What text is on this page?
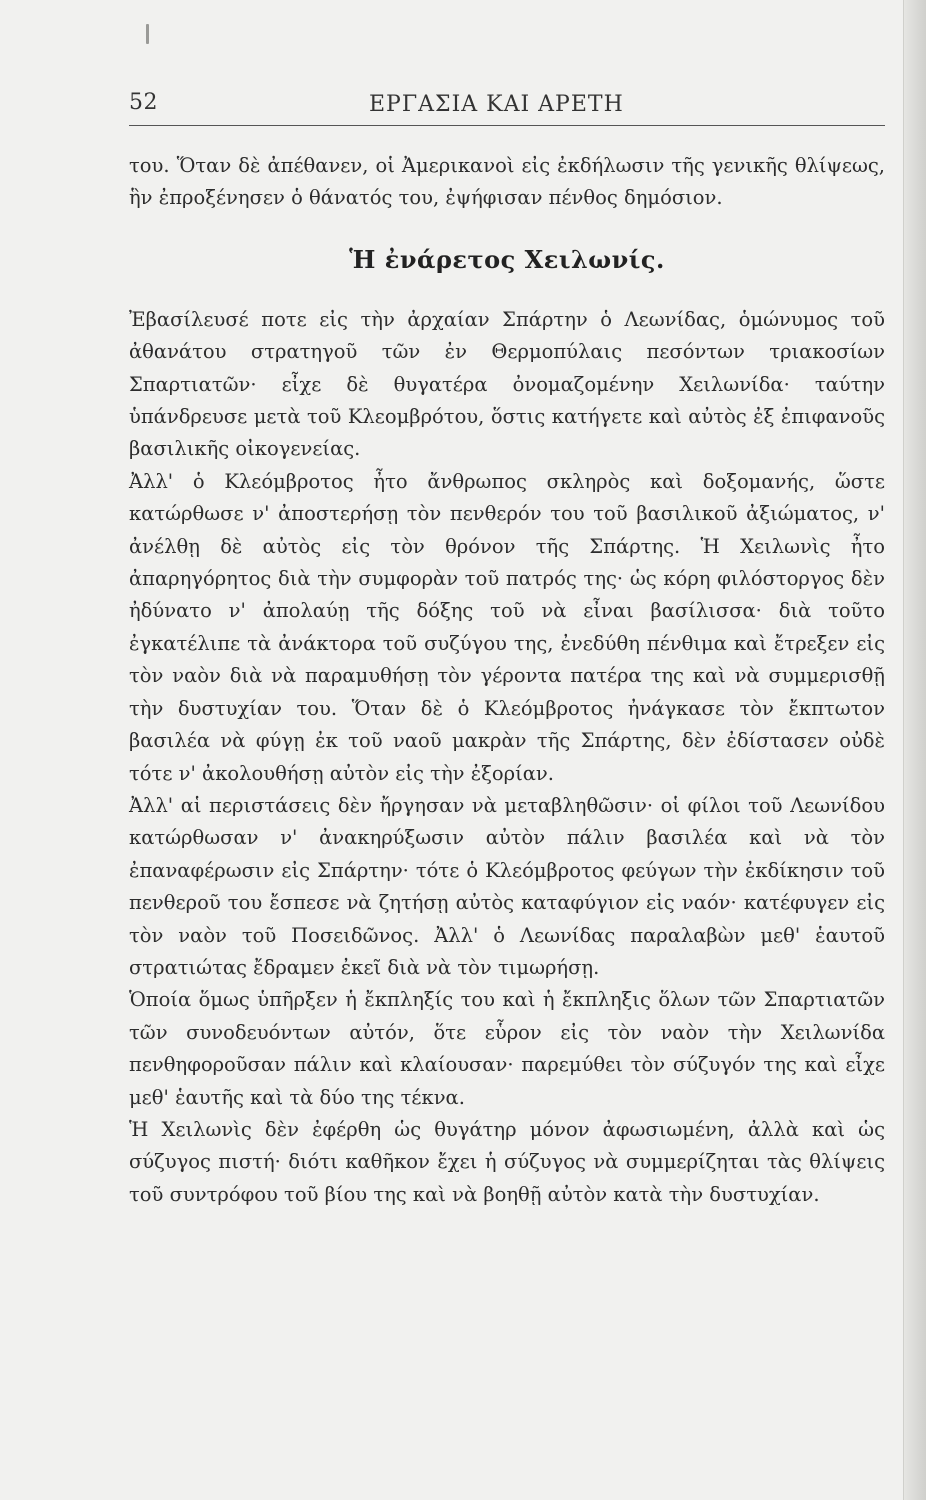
52	ΕΡΓΑΣΙΑ ΚΑΙ ΑΡΕΤΗ

του. Ὅταν δὲ ἀπέθανεν, οἱ Ἀμερικανοὶ εἰς ἐκδήλωσιν τῆς γενικῆς θλίψεως, ἣν ἐπροξένησεν ὁ θάνατός του, ἐψήφισαν πένθος δημόσιον.

Ἡ ἐνάρετος Χειλωνίς.

Ἐβασίλευσέ ποτε εἰς τὴν ἀρχαίαν Σπάρτην ὁ Λεωνίδας, ὁμώνυμος τοῦ ἀθανάτου στρατηγοῦ τῶν ἐν Θερμοπύλαις πεσόντων τριακοσίων Σπαρτιατῶν· εἶχε δὲ θυγατέρα ὀνομαζομένην Χειλωνίδα· ταύτην ὑπάνδρευσε μετὰ τοῦ Κλεομβρότου, ὅστις κατήγετε καὶ αὐτὸς ἐξ ἐπιφανοῦς βασιλικῆς οἰκογενείας.

Ἀλλ' ὁ Κλεόμβροτος ἦτο ἄνθρωπος σκληρὸς καὶ δοξομανής, ὥστε κατώρθωσε ν' ἀποστερήσῃ τὸν πενθερόν του τοῦ βασιλικοῦ ἀξιώματος, ν' ἀνέλθῃ δὲ αὐτὸς εἰς τὸν θρόνον τῆς Σπάρτης. Ἡ Χειλωνὶς ἦτο ἀπαρηγόρητος διὰ τὴν συμφορὰν τοῦ πατρός της· ὡς κόρη φιλόστοργος δὲν ἠδύνατο ν' ἀπολαύῃ τῆς δόξης τοῦ νὰ εἶναι βασίλισσα· διὰ τοῦτο ἐγκατέλιπε τὰ ἀνάκτορα τοῦ συζύγου της, ἐνεδύθη πένθιμα καὶ ἔτρεξεν εἰς τὸν ναὸν διὰ νὰ παραμυθήσῃ τὸν γέροντα πατέρα της καὶ νὰ συμμερισθῇ τὴν δυστυχίαν του. Ὅταν δὲ ὁ Κλεόμβροτος ἠνάγκασε τὸν ἔκπτωτον βασιλέα νὰ φύγῃ ἐκ τοῦ ναοῦ μακρὰν τῆς Σπάρτης, δὲν ἐδίστασεν οὐδὲ τότε ν' ἀκολουθήσῃ αὐτὸν εἰς τὴν ἐξορίαν.

Ἀλλ' αἱ περιστάσεις δὲν ἤργησαν νὰ μεταβληθῶσιν· οἱ φίλοι τοῦ Λεωνίδου κατώρθωσαν ν' ἀνακηρύξωσιν αὐτὸν πάλιν βασιλέα καὶ νὰ τὸν ἐπαναφέρωσιν εἰς Σπάρτην· τότε ὁ Κλεόμβροτος φεύγων τὴν ἐκδίκησιν τοῦ πενθεροῦ του ἔσπεσε νὰ ζητήσῃ αὐτὸς καταφύγιον εἰς ναόν· κατέφυγεν εἰς τὸν ναὸν τοῦ Ποσειδῶνος. Ἀλλ' ὁ Λεωνίδας παραλαβὼν μεθ' ἑαυτοῦ στρατιώτας ἔδραμεν ἐκεῖ διὰ νὰ τὸν τιμωρήσῃ.

Ὁποία ὅμως ὑπῆρξεν ἡ ἔκπληξίς του καὶ ἡ ἔκπληξις ὅλων τῶν Σπαρτιατῶν τῶν συνοδευόντων αὐτόν, ὅτε εὗρον εἰς τὸν ναὸν τὴν Χειλωνίδα πενθηφοροῦσαν πάλιν καὶ κλαίουσαν· παρεμύθει τὸν σύζυγόν της καὶ εἶχε μεθ' ἑαυτῆς καὶ τὰ δύο της τέκνα.

Ἡ Χειλωνὶς δὲν ἐφέρθη ὡς θυγάτηρ μόνον ἀφωσιωμένη, ἀλλὰ καὶ ὡς σύζυγος πιστή· διότι καθῆκον ἔχει ἡ σύζυγος νὰ συμμερίζηται τὰς θλίψεις τοῦ συντρόφου τοῦ βίου της καὶ νὰ βοηθῇ αὐτὸν κατὰ τὴν δυστυχίαν.
